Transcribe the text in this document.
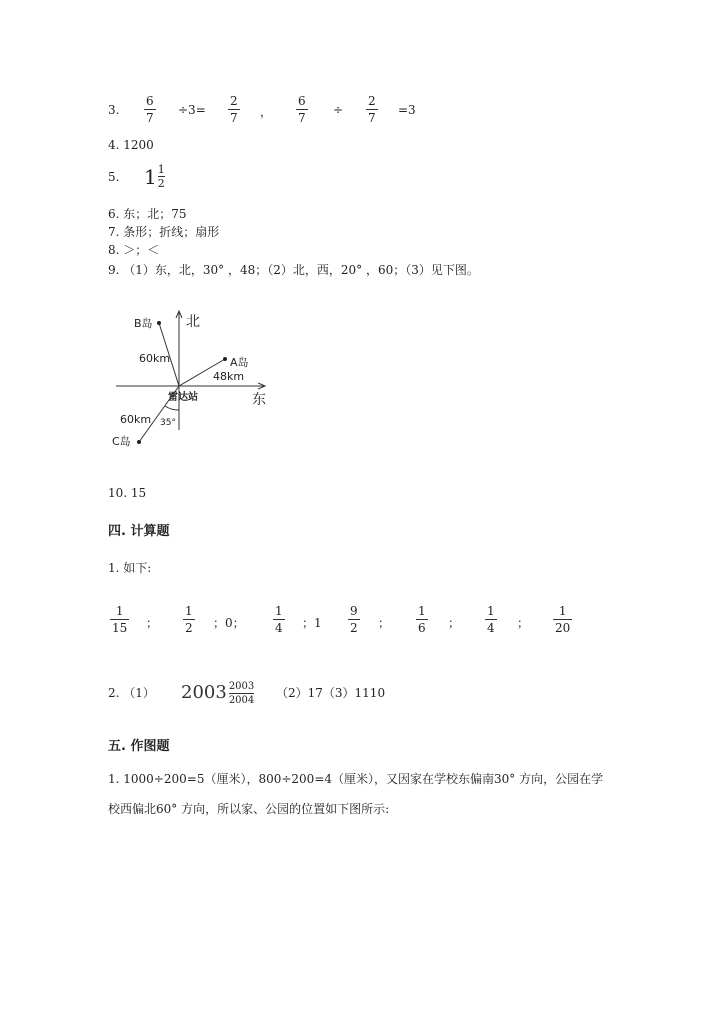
3.
6
7
÷3=
2
7 ，
6
7
÷
2
7
=3
4. 1200
5. 1 1
2
6. 东；北；75
7. 条形；折线；扇形
8. ＞；＜
9. （1）东，北，30° ，48；（2）北，西，20° ，60；（3）见下图。
北
东
雷达站
B岛
60km	A岛
48km
60km 35°
C岛
10. 15
四. 计算题
1. 如下:
1
15 ；
1
2 ；0；
1
4 ；1
9
2 ；
1
6 ；
1
4 ；
1
20
2. （1） 2003 2003
2004 （2）17（3）1110
五. 作图题
1. 1000÷200=5（厘米），800÷200=4（厘米），又因家在学校东偏南30° 方向，公园在学校西偏北60° 方向，所以家、公园的位置如下图所示:
